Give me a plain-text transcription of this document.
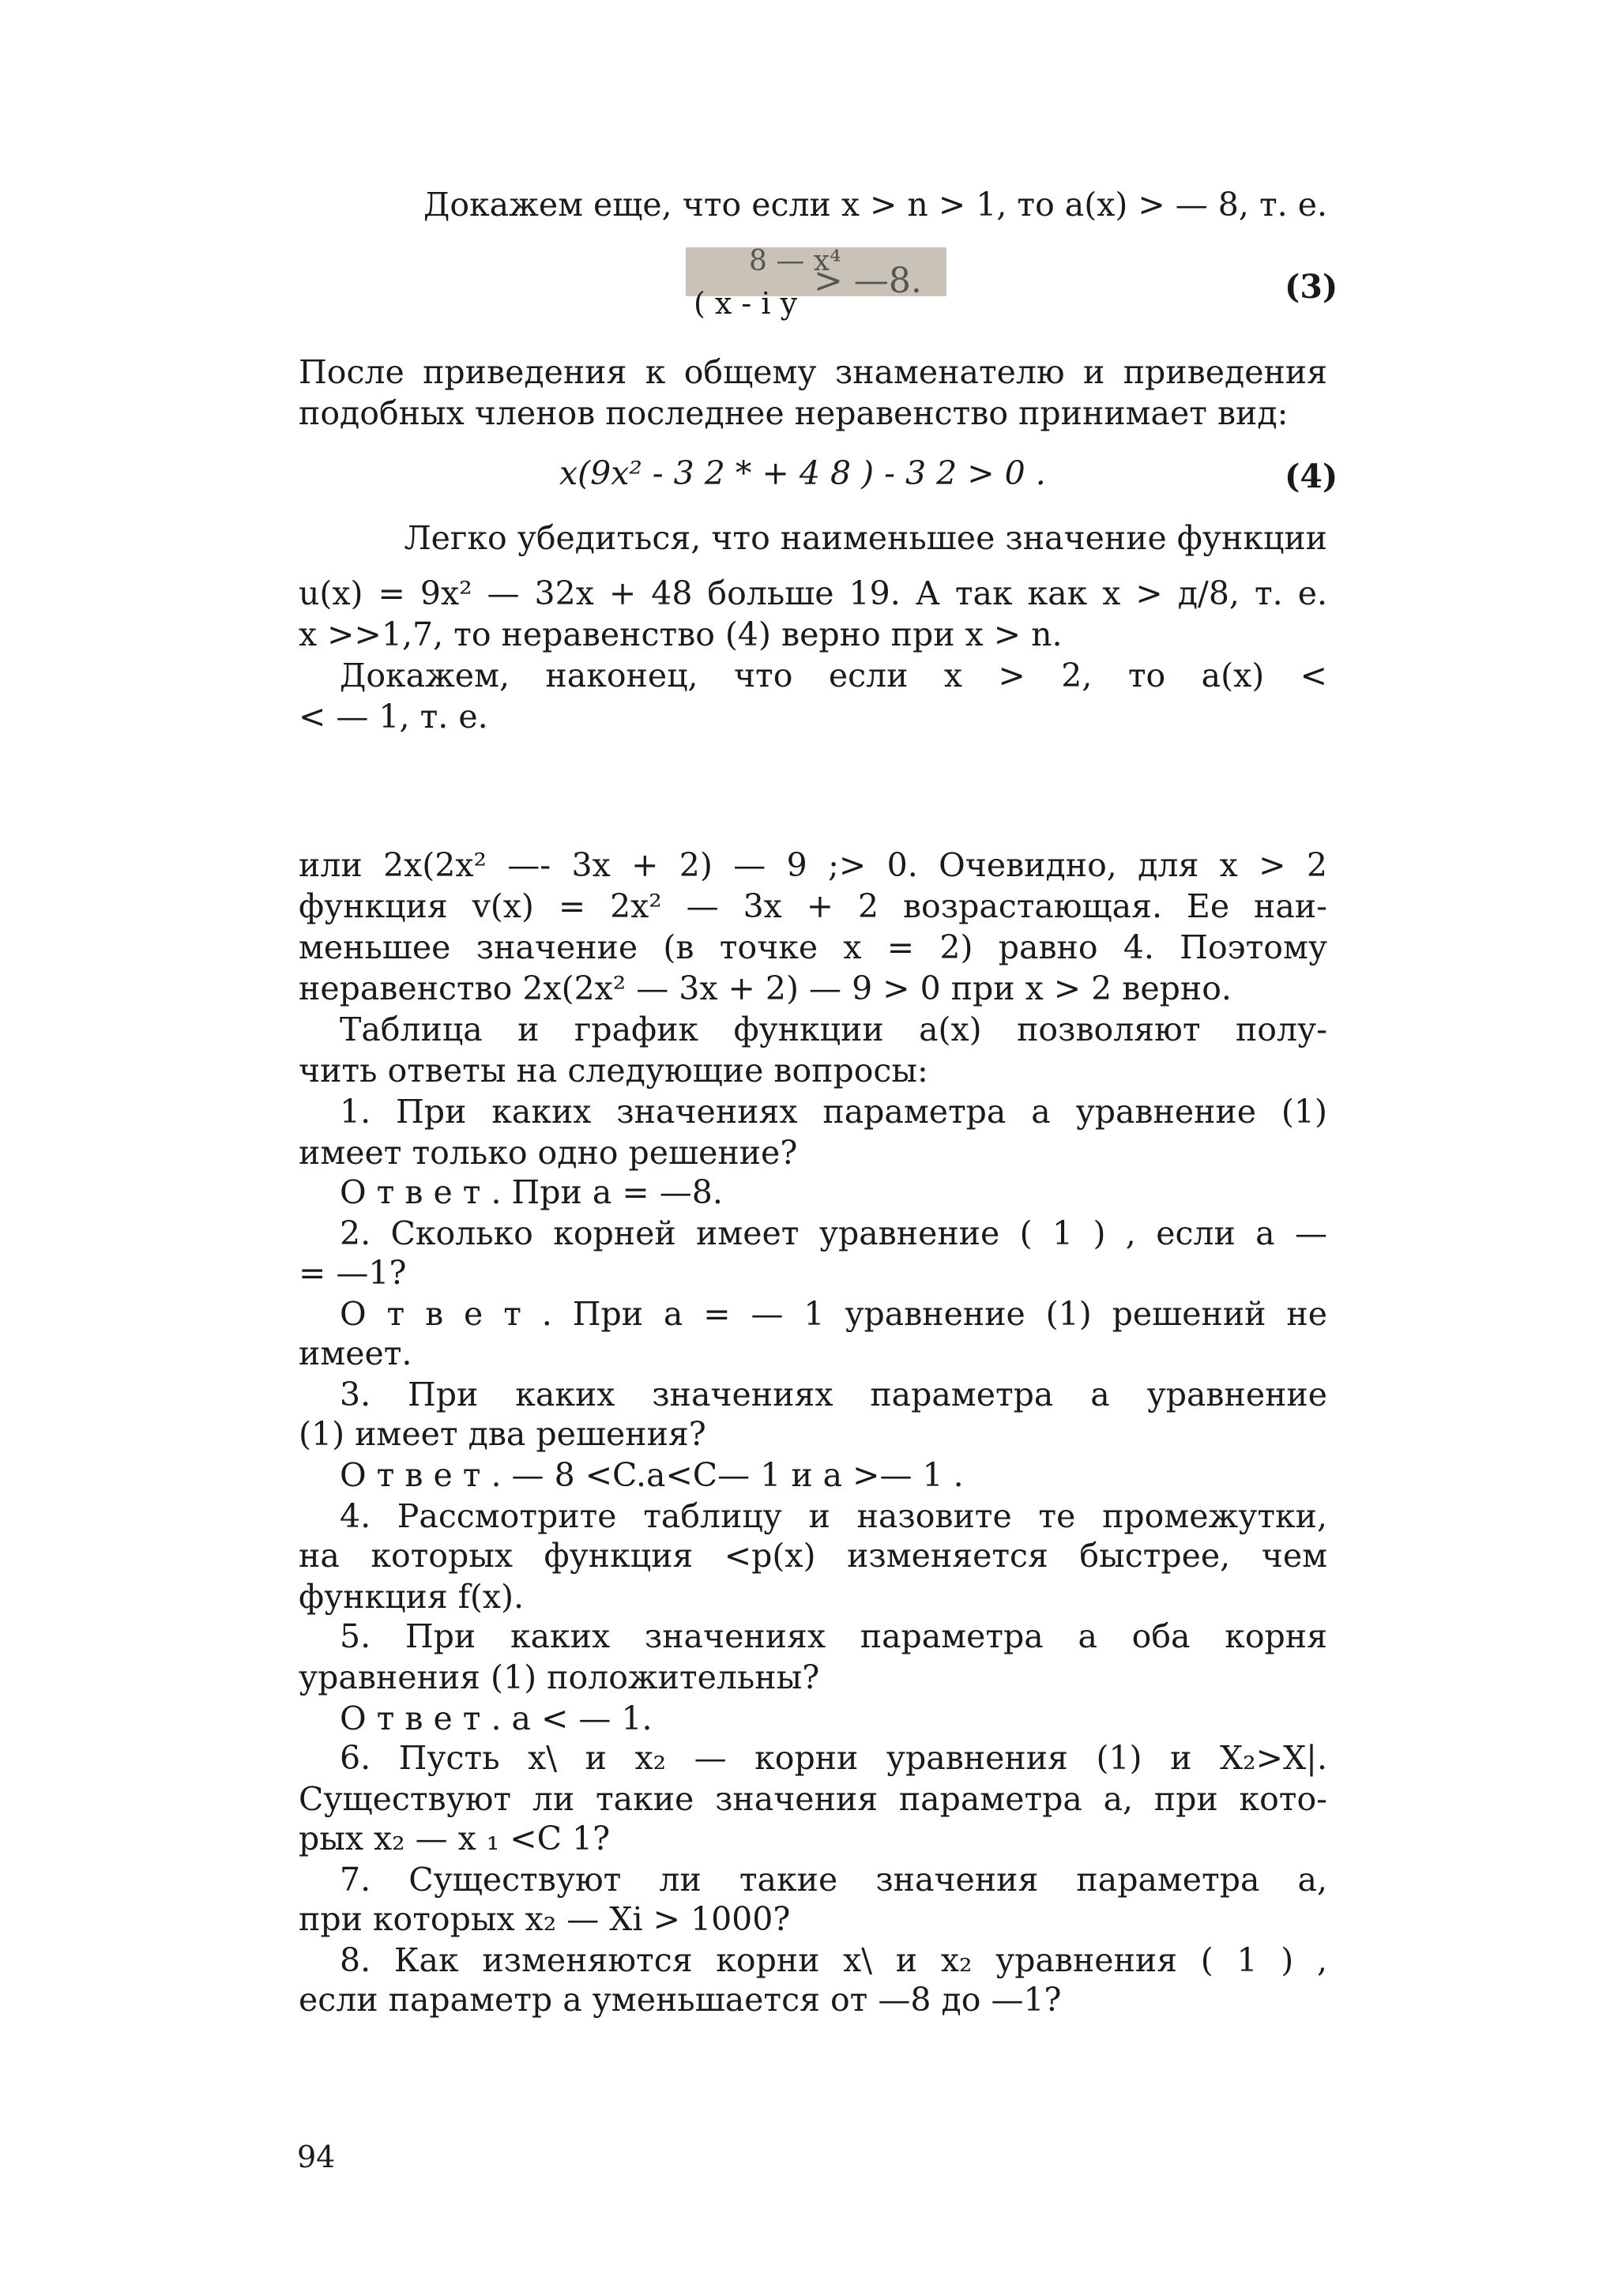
Докажем еще, что если x > n > 1, то a(x) > — 8, т. е.
8 — x⁴
> —8.
( x - i y	(3)
После приведения к общему знаменателю и приведения
подобных членов последнее неравенство принимает вид:
x(9x² - 3 2 * + 4 8 ) - 3 2 > 0 .	(4)
Легко убедиться, что наименьшее значение функции
u(x) = 9x² — 32x + 48 больше 19. А так как x > д/8, т. е.
x >>1,7, то неравенство (4) верно при x > n.
Докажем, наконец, что если x > 2, то a(x) <
< — 1, т. е.
или 2x(2x² —- 3x + 2) — 9 ;> 0. Очевидно, для x > 2
функция v(x) = 2x² — 3x + 2 возрастающая. Ее наи-
меньшее значение (в точке x = 2) равно 4. Поэтому
неравенство 2x(2x² — 3x + 2) — 9 > 0 при x > 2 верно.
Таблица и график функции a(x) позволяют полу-
чить ответы на следующие вопросы:
1. При каких значениях параметра a уравнение (1)
имеет только одно решение?
О т в е т . При a = —8.
2. Сколько корней имеет уравнение ( 1 ) , если a —
= —1?
О т в е т . При a = — 1 уравнение (1) решений не
имеет.
3. При каких значениях параметра a уравнение
(1) имеет два решения?
О т в е т . — 8 <C.a<C— 1 и a >— 1 .
4. Рассмотрите таблицу и назовите те промежутки,
на которых функция <p(x) изменяется быстрее, чем
функция f(x).
5. При каких значениях параметра a оба корня
уравнения (1) положительны?
О т в е т . a < — 1.
6. Пусть x\ и x₂ — корни уравнения (1) и X₂>X|.
Существуют ли такие значения параметра a, при кото-
рых x₂ — x ₁ <C 1?
7. Существуют ли такие значения параметра a,
при которых x₂ — Xi > 1000?
8. Как изменяются корни x\ и x₂ уравнения ( 1 ) ,
если параметр a уменьшается от —8 до —1?
94
